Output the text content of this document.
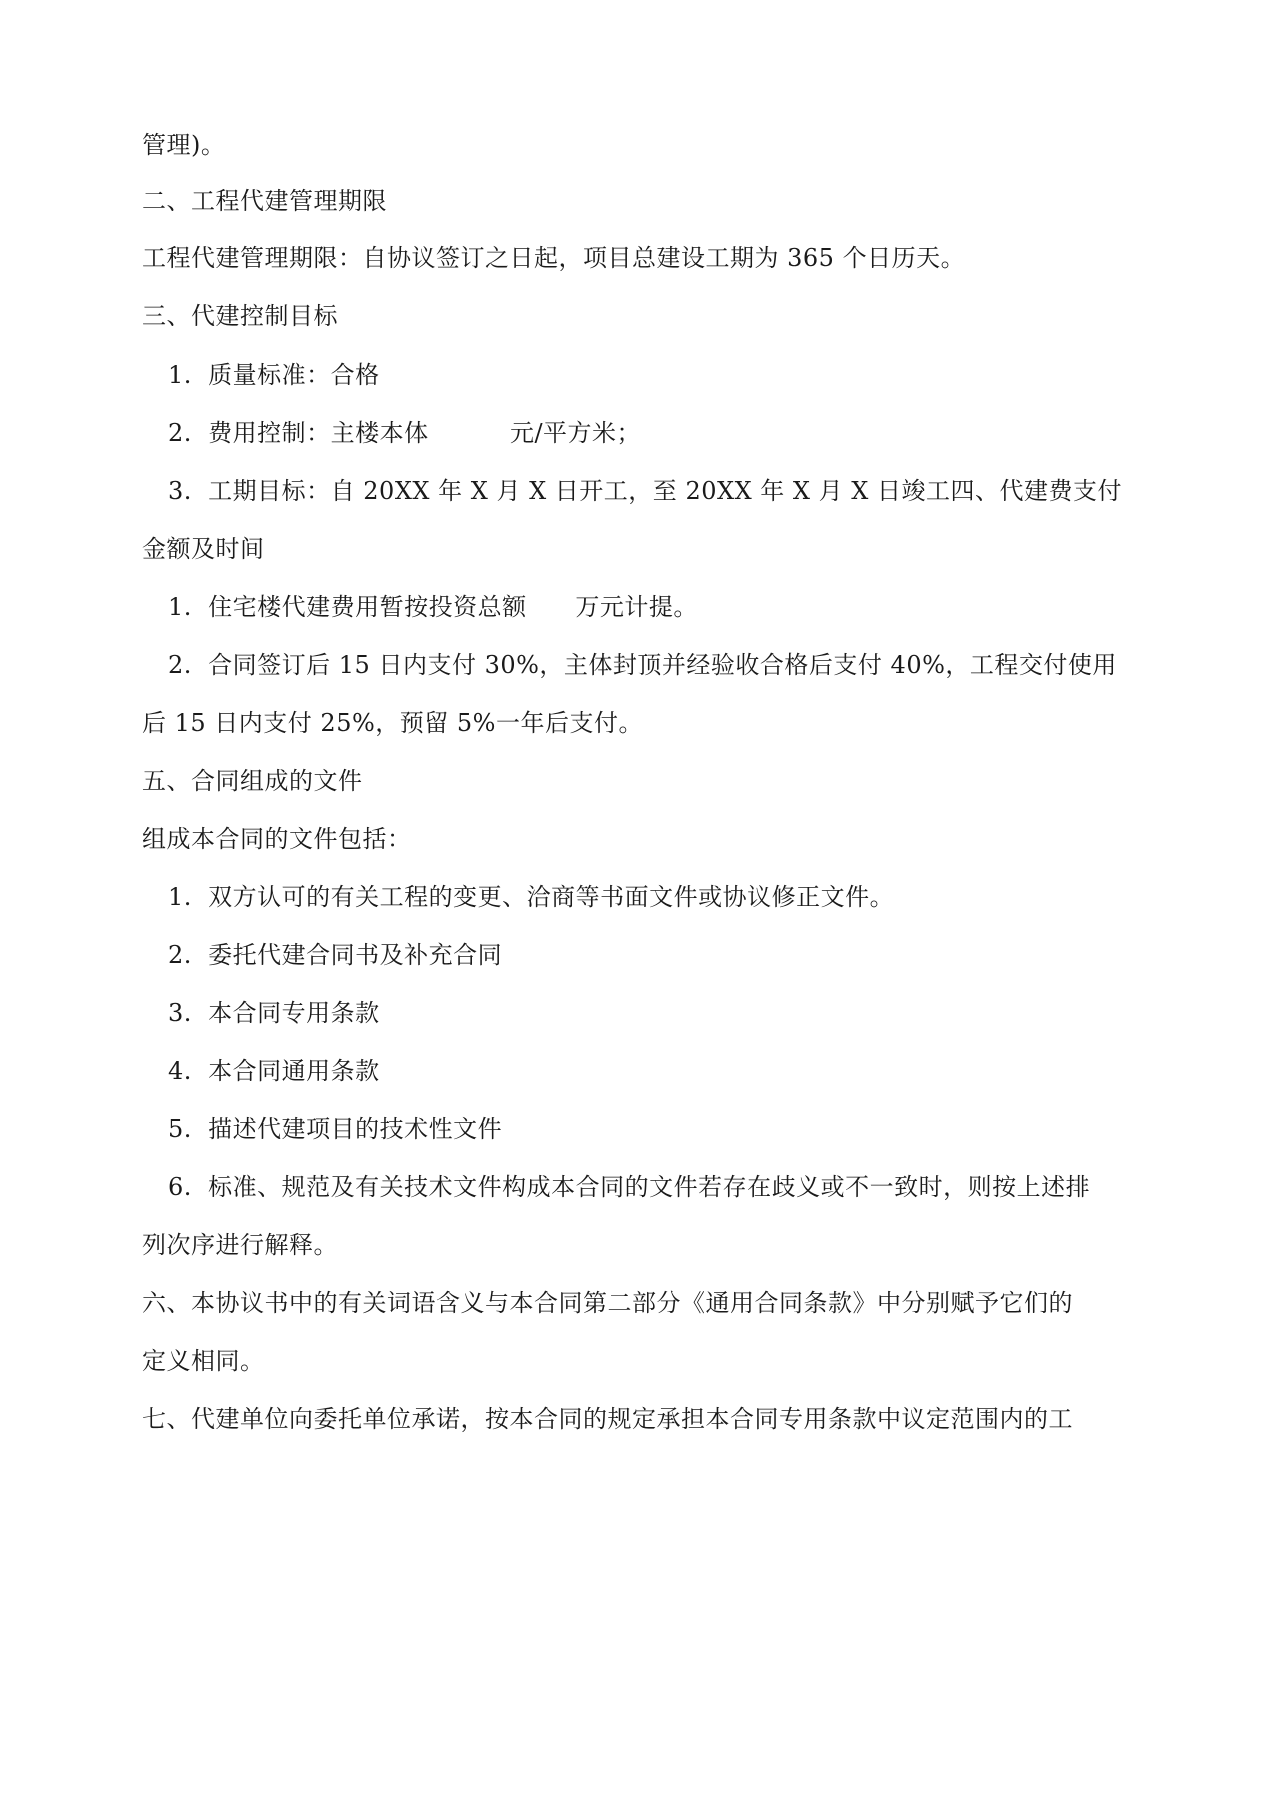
管理)。
二、工程代建管理期限
工程代建管理期限：自协议签订之日起，项目总建设工期为 365 个日历天。
三、代建控制目标
1.  质量标准：合格
2.  费用控制：主楼本体          元/平方米；
3.  工期目标：自 20XX 年 X 月 X 日开工，至 20XX 年 X 月 X 日竣工四、代建费支付
金额及时间
1.  住宅楼代建费用暂按投资总额      万元计提。
2.  合同签订后 15 日内支付 30%，主体封顶并经验收合格后支付 40%，工程交付使用
后 15 日内支付 25%，预留 5%一年后支付。
五、合同组成的文件
组成本合同的文件包括：
1.  双方认可的有关工程的变更、洽商等书面文件或协议修正文件。
2.  委托代建合同书及补充合同
3.  本合同专用条款
4.  本合同通用条款
5.  描述代建项目的技术性文件
6.  标准、规范及有关技术文件构成本合同的文件若存在歧义或不一致时，则按上述排
列次序进行解释。
六、本协议书中的有关词语含义与本合同第二部分《通用合同条款》中分别赋予它们的
定义相同。
七、代建单位向委托单位承诺，按本合同的规定承担本合同专用条款中议定范围内的工
